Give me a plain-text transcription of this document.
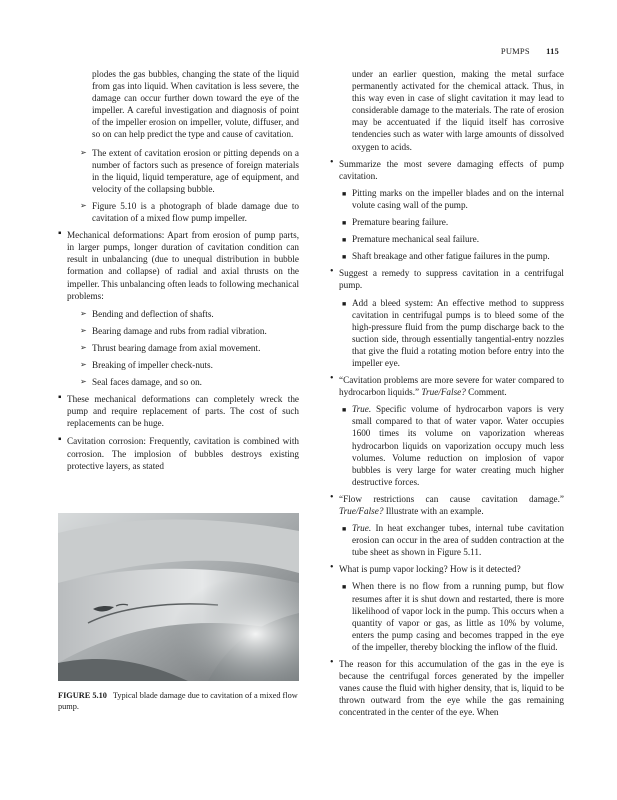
PUMPS 115

plodes the gas bubbles, changing the state of the liquid from gas into liquid. When cavitation is less severe, the damage can occur further down toward the eye of the impeller. A careful investigation and diagnosis of point of the impeller erosion on impeller, volute, diffuser, and so on can help predict the type and cause of cavitation.

➢ The extent of cavitation erosion or pitting depends on a number of factors such as presence of foreign materials in the liquid, liquid temperature, age of equipment, and velocity of the collapsing bubble.
➢ Figure 5.10 is a photograph of blade damage due to cavitation of a mixed flow pump impeller.
▪ Mechanical deformations: Apart from erosion of pump parts, in larger pumps, longer duration of cavitation condition can result in unbalancing (due to unequal distribution in bubble formation and collapse) of radial and axial thrusts on the impeller. This unbalancing often leads to following mechanical problems:
➢ Bending and deflection of shafts.
➢ Bearing damage and rubs from radial vibration.
➢ Thrust bearing damage from axial movement.
➢ Breaking of impeller check-nuts.
➢ Seal faces damage, and so on.
▪ These mechanical deformations can completely wreck the pump and require replacement of parts. The cost of such replacements can be huge.
▪ Cavitation corrosion: Frequently, cavitation is combined with corrosion. The implosion of bubbles destroys existing protective layers, as stated
FIGURE 5.10 Typical blade damage due to cavitation of a mixed flow pump.

under an earlier question, making the metal surface permanently activated for the chemical attack. Thus, in this way even in case of slight cavitation it may lead to considerable damage to the materials. The rate of erosion may be accentuated if the liquid itself has corrosive tendencies such as water with large amounts of dissolved oxygen to acids.

• Summarize the most severe damaging effects of pump cavitation.
■ Pitting marks on the impeller blades and on the internal volute casing wall of the pump.
■ Premature bearing failure.
■ Premature mechanical seal failure.
■ Shaft breakage and other fatigue failures in the pump.
• Suggest a remedy to suppress cavitation in a centrifugal pump.
■ Add a bleed system: An effective method to suppress cavitation in centrifugal pumps is to bleed some of the high-pressure fluid from the pump discharge back to the suction side, through essentially tangential-entry nozzles that give the fluid a rotating motion before entry into the impeller eye.
• “Cavitation problems are more severe for water compared to hydrocarbon liquids.” True/False? Comment.
■ True. Specific volume of hydrocarbon vapors is very small compared to that of water vapor. Water occupies 1600 times its volume on vaporization whereas hydrocarbon liquids on vaporization occupy much less volumes. Volume reduction on implosion of vapor bubbles is very large for water creating much higher destructive forces.
• “Flow restrictions can cause cavitation damage.” True/False? Illustrate with an example.
■ True. In heat exchanger tubes, internal tube cavitation erosion can occur in the area of sudden contraction at the tube sheet as shown in Figure 5.11.
• What is pump vapor locking? How is it detected?
■ When there is no flow from a running pump, but flow resumes after it is shut down and restarted, there is more likelihood of vapor lock in the pump. This occurs when a quantity of vapor or gas, as little as 10% by volume, enters the pump casing and becomes trapped in the eye of the impeller, thereby blocking the inflow of the fluid.
• The reason for this accumulation of the gas in the eye is because the centrifugal forces generated by the impeller vanes cause the fluid with higher density, that is, liquid to be thrown outward from the eye while the gas remaining concentrated in the center of the eye. When
